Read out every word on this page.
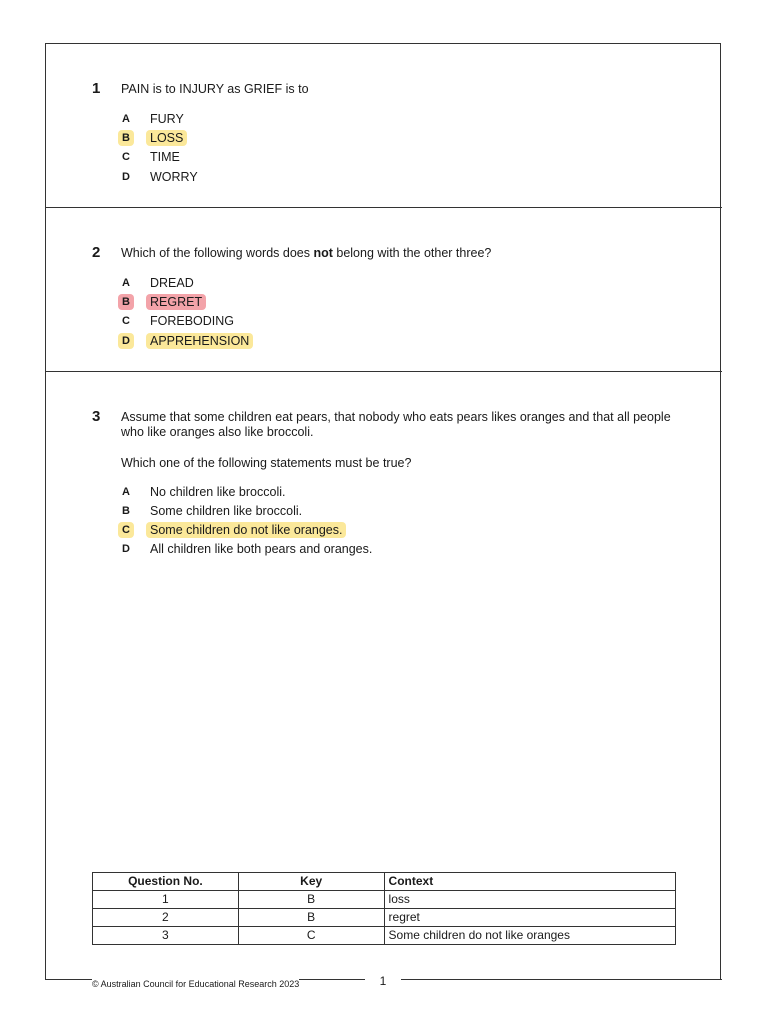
1 PAIN is to INJURY as GRIEF is to
A	FURY
B	LOSS
C	TIME
D	WORRY
2 Which of the following words does not belong with the other three?
A	DREAD
B	REGRET
C	FOREBODING
D	APPREHENSION
3 Assume that some children eat pears, that nobody who eats pears likes oranges and that all people who like oranges also like broccoli.
Which one of the following statements must be true?
A	No children like broccoli.
B	Some children like broccoli.
C	Some children do not like oranges.
D	All children like both pears and oranges.
Question No.	Key	Context
1	B	loss
2	B	regret
3	C	Some children do not like oranges
© Australian Council for Educational Research 2023	1
